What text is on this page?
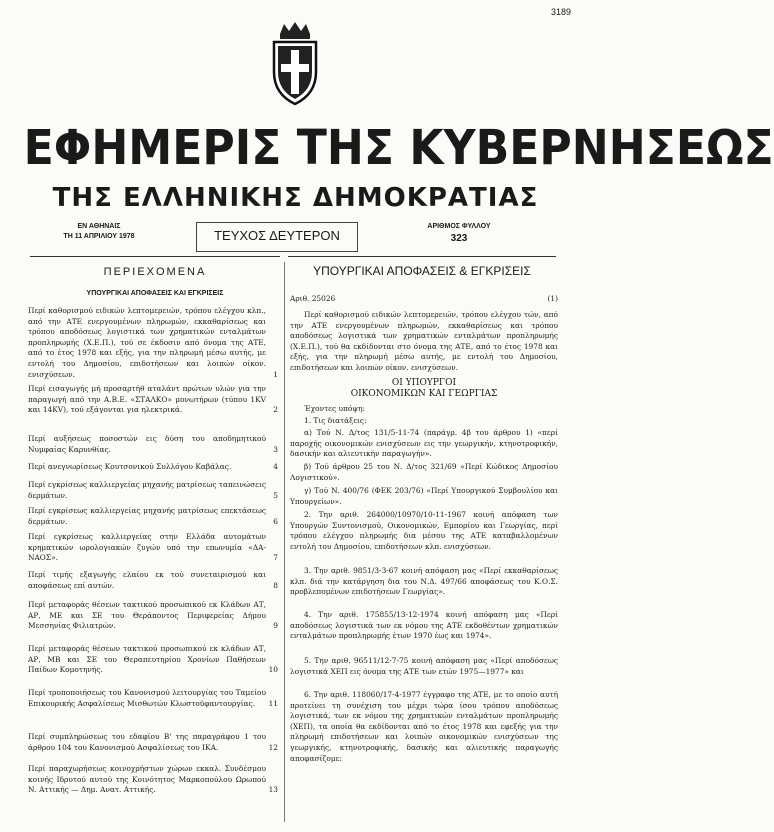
3189
ΕΦΗΜΕΡΙΣ ΤΗΣ ΚΥΒΕΡΝΗΣΕΩΣ
ΤΗΣ ΕΛΛΗΝΙΚΗΣ ΔΗΜΟΚΡΑΤΙΑΣ
ΕΝ ΑΘΗΝΑΙΣ
ΤΗ 11 ΑΠΡΙΛΙΟΥ 1978	ΤΕΥΧΟΣ ΔΕΥΤΕΡΟΝ
ΑΡΙΘΜΟΣ ΦΥΛΛΟΥ
323
ΠΕΡΙΕΧΟΜΕΝΑ
ΥΠΟΥΡΓΙΚΑΙ ΑΠΟΦΑΣΕΙΣ ΚΑΙ ΕΓΚΡΙΣΕΙΣ
Περί καθορισμού ειδικών λεπτομερειών, τρόπου ελέγχου κλπ., από την ΑΤΕ ενεργουμένων πληρωμών, εκκαθαρίσεως και τρόπου αποδόσεως λογιστικά των χρηματικών ενταλμάτων προπληρωμής (Χ.Ε.Π.), τού σε έκδοσιν από όνομα της ΑΤΕ, από το έτος 1978 και εξής, για την πληρωμή μέσω αυτής, με εντολή του Δημοσίου, επιδοτήσεων και λοιπών οίκον. ενισχύσεων.	1
Περί εισαγωγής μή προσαρτήθ αταλάντ πρώτων υλών για την παραγωγή από την Α.Β.Ε. «ΣΤΑΛΚΟ» μονωτήρων (τύπου 1ΚV και 14ΚV), τού εξάγονται για ηλεκτρικά.	2
Περί αυξήσεως ποσοστών εις δύση του αποδημητικού Νυμφαίας Καρυνθίας.	3
Περί ανεγνωρίσεως Κουτσονικού Συλλόγου Καβάλας.	4
Περί εγκρίσεως καλλιεργείας μηχανής ματρίσεως ταπεινώσεις δερμάτων.	5
Περί εγκρίσεως καλλιεργείας μηχανής ματρίσεως επεκτάσεως δερμάτων.	6
Περί εγκρίσεως καλλιεργείας στην Ελλάδα αυτομάτων κρηματικών ωρολογιακών ζυγών υπό την επωνυμία «ΔΑ-ΝΑΟΣ».	7
Περί τιμής εξαγωγής ελαίου εκ τού συνεταιρισμού και αποφάσεως επί αυτών.	8
Περί μεταφοράς θέσεων τακτικού προσωπικού εκ Κλάδων ΑΤ, ΑΡ, ΜΕ και ΣΕ του Θεράποντος Περιφερείας Δήμου Μεσσηνίας Φιλιατρών.	9
Περί μεταφοράς θέσεων τακτικού προσωπικού εκ κλάδων ΑΤ, ΑΡ, ΜΒ και ΣΕ του Θεραπευτηρίου Χρονίων Παθήσεων Παίδων Κομοτηνής.	10
Περί τροποποιήσεως του Κανονισμού λειτουργίας του Ταμείου Επικουρικής Ασφαλίσεως Μισθωτών Κλωστοϋφαντουργίας.	11
Περί συμπληρώσεως του εδαφίου Β' της παραγράφου 1 του άρθρου 104 του Κανονισμού Ασφαλίσεως του ΙΚΑ.	12
Περί παραχωρήσεως κοινοχρήστων χώρων εκκαλ. Συνδέσμου κοινής Ιδρυτού αυτού της Κοινότητος Μαρκοπούλου Ωρωπού Ν. Αττικής — Δημ. Ανατ. Αττικής.	13
ΥΠΟΥΡΓΙΚΑΙ ΑΠΟΦΑΣΕΙΣ & ΕΓΚΡΙΣΕΙΣ
Αριθ. 25026	(1)
Περί καθορισμού ειδικών λεπτομερειών, τρόπου ελέγχου τών, από την ΑΤΕ ενεργουμένων πληρωμών, εκκαθαρίσεως και τρόπου αποδόσεως λογιστικά των χρηματικών ενταλμάτων προπληρωμής (Χ.Ε.Π.), τού θα εκδίδονται στο όνομα της ΑΤΕ, από το έτος 1978 και εξής, για την πληρωμή μέσω αυτής, με εντολή του Δημοσίου, επιδοτήσεων και λοιπών οίκον. ενισχύσεων.
ΟΙ ΥΠΟΥΡΓΟΙ
ΟΙΚΟΝΟΜΙΚΩΝ ΚΑΙ ΓΕΩΡΓΙΑΣ
Έχοντες υπόψη:
1. Τις διατάξεις:
α) Τού Ν. Δ/τος 131/5-11-74 (παράγρ. 4β του άρθρου 1) «περί παροχής οικονομικών ενισχύσεων εις την γεωργικήν, κτηνοτροφικήν, δασικήν και αλιευτικήν παραγωγήν».
β) Τού άρθρου 25 του Ν. Δ/τος 321/69 «Περί Κώδικος Δημοσίου Λογιστικού».
γ) Τού Ν. 400/76 (ΦΕΚ 203/76) «Περί Υπουργικού Συμβουλίου και Υπουργείων».
2. Την αριθ. 264000/10970/10-11-1967 κοινή απόφαση των Υπουργών Συντονισμού, Οικονομικών, Εμπορίου και Γεωργίας, περί τρόπου ελέγχου πληρωμής δια μέσου της ΑΤΕ καταβαλλομένων εντολή του Δημοσίου, επιδοτήσεων κλπ. ενισχύσεων.
3. Την αριθ. 9851/3-3-67 κοινή απόφαση μας «Περί εκκαθαρίσεως κλπ. διά την κατάργηση δια του Ν.Δ. 497/66 αποφάσεως του Κ.Ο.Σ. προβλεπομένων επιδοτήσεων Γεωργίας».
4. Την αριθ. 175855/13-12-1974 κοινή απόφαση μας «Περί αποδόσεως λογιστικά των εκ νόμου της ΑΤΕ εκδοθέντων χρηματικών ενταλμάτων προπληρωμής έτων 1970 έως και 1974».
5. Την αριθ. 96511/12-7-75 κοινή απόφαση μας «Περί αποδόσεως λογιστικά ΧΕΠ εις όνομα της ΑΤΕ των ετών 1975—1977» και
6. Την αριθ. 118060/17-4-1977 έγγραφο της ΑΤΕ, με το οποίο αυτή προτείνει τη συνέχιση του μέχρι τώρα ίσου τρόπου αποδόσεως λογιστικά, των εκ νόμου της χρηματικών ενταλμάτων προπληρωμής (ΧΕΠ), τα οποία θα εκδίδονται από το έτος 1978 και εφεξής για την πληρωμή επιδοτήσεων και λοιπών οικονομικών ενισχύσεων της γεωργικής, κτηνοτροφικής, δασικής και αλιευτικής παραγωγής αποφασίζομε:
